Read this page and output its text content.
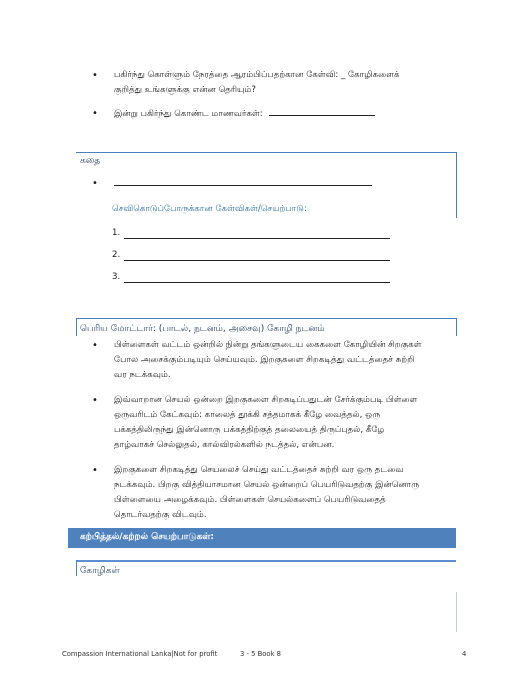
• பகிர்ந்து கொள்ளும் நேரத்தை ஆரம்பிப்பதற்கான கேள்வி: _ கோழிகளைக்
குறித்து உங்களுக்கு என்ன தெரியும்?
• இன்று பகிர்ந்து கொண்ட மாணவர்கள்:
கதை
•
செவிகொடுப்போருக்கான கேள்விகள்/செயற்பாடு:
1.
2.
3.
பெரிய மோட்டார்: (பாடல், நடனம், அசைவு) கோழி நடனம்
• பிள்ளைகள் வட்டம் ஒன்றில் நின்று தங்களுடைய கைகளை கோழியின் சிறகுகள்
போல அசைக்கும்படியும் செய்யவும். இறகுகளை சிறகடித்து வட்டத்தைச் சுற்றி
வர நடக்கவும்.
• இவ்வாறான செயல் ஒன்றை இறகுகளை சிறகடிப்பதுடன் சேர்க்கும்படி பிள்ளை
ஒருவரிடம் கேட்கவும்: காலைத் தூக்கி சத்தமாகக் கீழே வைத்தல், ஒரு
பக்கத்திலிருந்து இன்னொரு பக்கத்திற்குத் தலையைத் திருப்புதல், கீழே
தாழ்வாகச் செல்லுதல், கால்விரல்களில் நடத்தல், என்பன.
• இறகுகளை சிறகடித்து செயலைச் செய்து வட்டத்தைச் சுற்றி வர ஒரு தடவை
நடக்கவும். பிறகு வித்தியாசமான செயல் ஒன்றைப் பெயரிடுவதற்கு இன்னொரு
பிள்ளையை அழைக்கவும். பிள்ளைகள் செயல்களைப் பெயரிடுவதைத்
தொடர்வதற்கு விடவும்.
கற்பித்தல்/கற்றல் செயற்பாடுகள்:
கோழிகள்
Compassion International Lanka|Not for profit	3 - 5 Book 8	4
